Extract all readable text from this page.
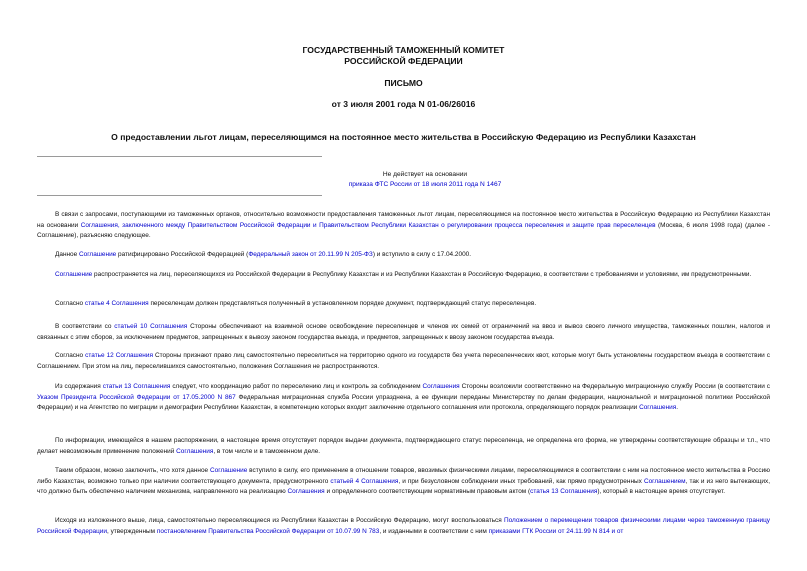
ГОСУДАРСТВЕННЫЙ ТАМОЖЕННЫЙ КОМИТЕТ
РОССИЙСКОЙ ФЕДЕРАЦИИ
ПИСЬМО
от 3 июля 2001 года N 01-06/26016
О предоставлении льгот лицам, переселяющимся на постоянное место жительства в Российскую Федерацию из Республики Казахстан
Не действует на основании
приказа ФТС России от 18 июля 2011 года N 1467
В связи с запросами, поступающими из таможенных органов, относительно возможности предоставления таможенных льгот лицам, переселяющимся на постоянное место жительства в Российскую Федерацию из Республики Казахстан на основании Соглашения, заключенного между Правительством Российской Федерации и Правительством Республики Казахстан о регулировании процесса переселения и защите прав переселенцев (Москва, 6 июля 1998 года) (далее - Соглашение), разъясняю следующее.
Данное Соглашение ратифицировано Российской Федерацией (Федеральный закон от 20.11.99 N 205-ФЗ) и вступило в силу с 17.04.2000.
Соглашение распространяется на лиц, переселяющихся из Российской Федерации в Республику Казахстан и из Республики Казахстан в Российскую Федерацию, в соответствии с требованиями и условиями, им предусмотренными.
Согласно статье 4 Соглашения переселенцам должен представляться полученный в установленном порядке документ, подтверждающий статус переселенцев.
В соответствии со статьей 10 Соглашения Стороны обеспечивают на взаимной основе освобождение переселенцев и членов их семей от ограничений на ввоз и вывоз своего личного имущества, таможенных пошлин, налогов и связанных с этим сборов, за исключением предметов, запрещенных к вывозу законом государства выезда, и предметов, запрещенных к ввозу законом государства въезда.
Согласно статье 12 Соглашения Стороны признают право лиц самостоятельно переселиться на территорию одного из государств без учета переселенческих квот, которые могут быть установлены государством въезда в соответствии с Соглашением. При этом на лиц, переселившихся самостоятельно, положения Соглашения не распространяются.
Из содержания статьи 13 Соглашения следует, что координацию работ по переселению лиц и контроль за соблюдением Соглашения Стороны возложили соответственно на Федеральную миграционную службу России (в соответствии с Указом Президента Российской Федерации от 17.05.2000 N 867 Федеральная миграционная служба России упразднена, а ее функции переданы Министерству по делам федерации, национальной и миграционной политики Российской Федерации) и на Агентство по миграции и демографии Республики Казахстан, в компетенцию которых входит заключение отдельного соглашения или протокола, определяющего порядок реализации Соглашения.
По информации, имеющейся в нашем распоряжении, в настоящее время отсутствует порядок выдачи документа, подтверждающего статус переселенца, не определена его форма, не утверждены соответствующие образцы и т.п., что делает невозможным применение положений Соглашения, в том числе и в таможенном деле.
Таким образом, можно заключить, что хотя данное Соглашение вступило в силу, его применение в отношении товаров, ввозимых физическими лицами, переселяющимися в соответствии с ним на постоянное место жительства в Россию либо Казахстан, возможно только при наличии соответствующего документа, предусмотренного статьей 4 Соглашения, и при безусловном соблюдении иных требований, как прямо предусмотренных Соглашением, так и из него вытекающих, что должно быть обеспечено наличием механизма, направленного на реализацию Соглашения и определенного соответствующим нормативным правовым актом (статья 13 Соглашения), который в настоящее время отсутствует.
Исходя из изложенного выше, лица, самостоятельно переселяющиеся из Республики Казахстан в Российскую Федерацию, могут воспользоваться Положением о перемещении товаров физическими лицами через таможенную границу Российской Федерации, утвержденным постановлением Правительства Российской Федерации от 10.07.99 N 783, и изданными в соответствии с ним приказами ГТК России от 24.11.99 N 814 и от
